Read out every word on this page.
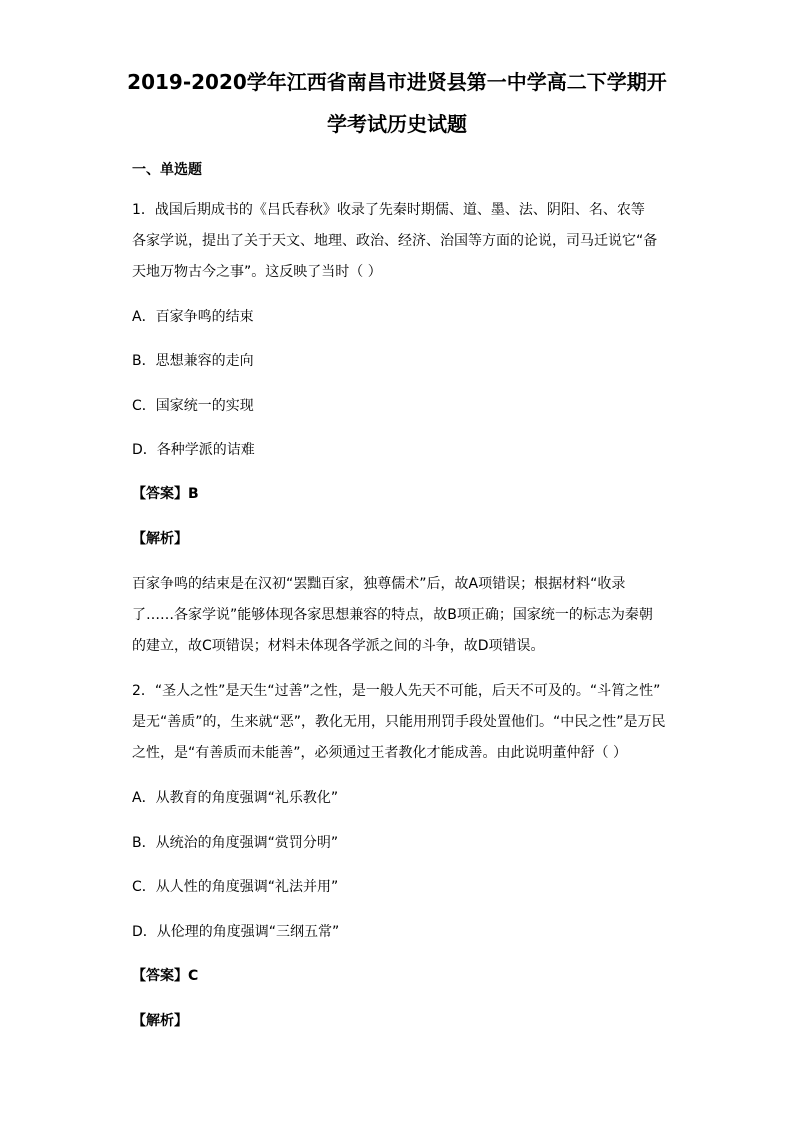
2019-2020学年江西省南昌市进贤县第一中学高二下学期开
学考试历史试题
一、单选题
1．战国后期成书的《吕氏春秋》收录了先秦时期儒、道、墨、法、阴阳、名、农等
各家学说，提出了关于天文、地理、政治、经济、治国等方面的论说，司马迁说它“备
天地万物古今之事”。这反映了当时（ ）
A．百家争鸣的结束
B．思想兼容的走向
C．国家统一的实现
D．各种学派的诘难
【答案】B
【解析】
百家争鸣的结束是在汉初“罢黜百家，独尊儒术”后，故A项错误；根据材料“收录
了……各家学说”能够体现各家思想兼容的特点，故B项正确；国家统一的标志为秦朝
的建立，故C项错误；材料未体现各学派之间的斗争，故D项错误。
2．“圣人之性”是天生“过善”之性，是一般人先天不可能，后天不可及的。“斗筲之性”
是无“善质”的，生来就“恶”，教化无用，只能用刑罚手段处置他们。“中民之性”是万民
之性，是“有善质而未能善”，必须通过王者教化才能成善。由此说明董仲舒（ ）
A．从教育的角度强调“礼乐教化”
B．从统治的角度强调“赏罚分明”
C．从人性的角度强调“礼法并用”
D．从伦理的角度强调“三纲五常”
【答案】C
【解析】
